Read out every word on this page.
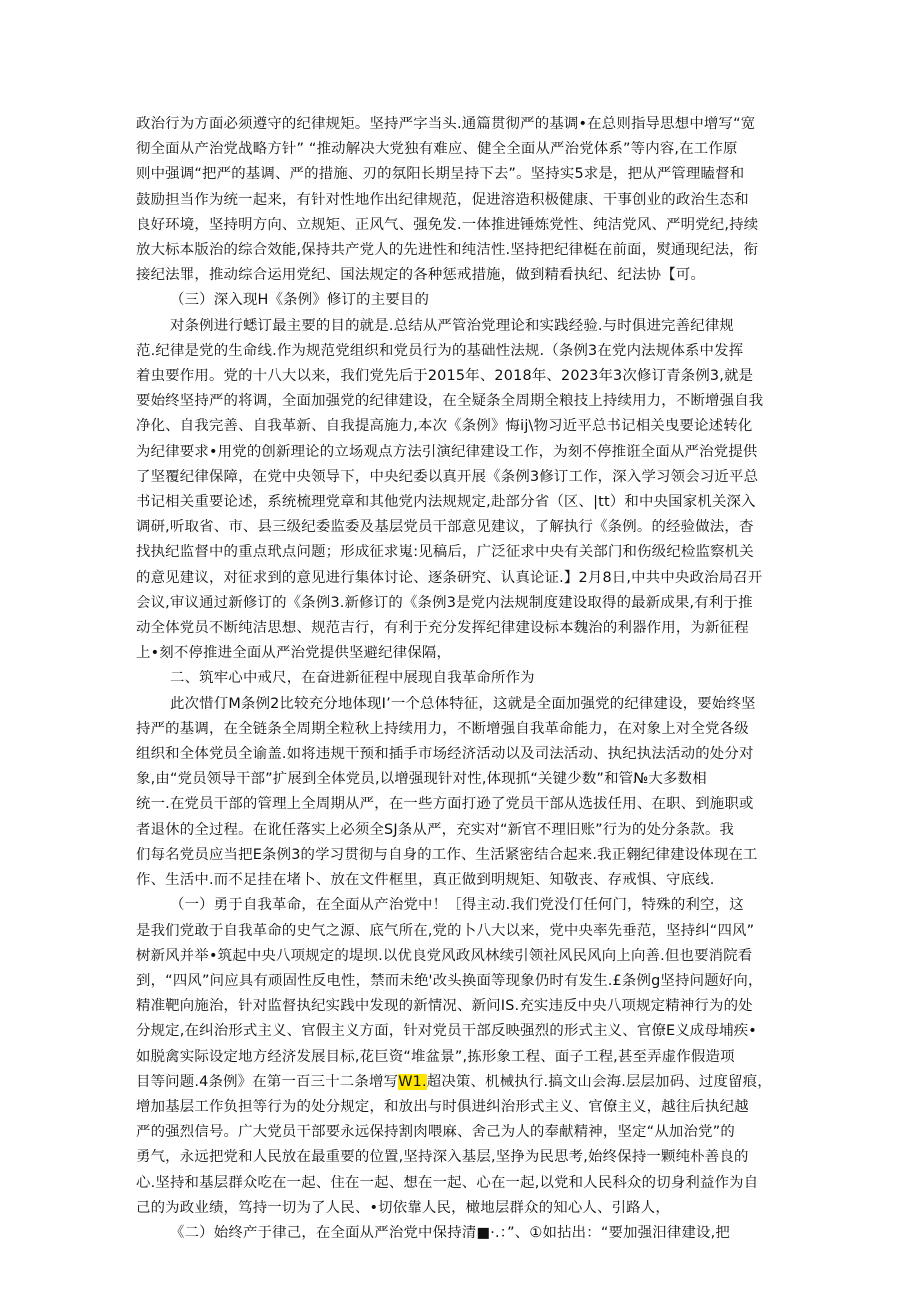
政治行为方面必须遵守的纪律规矩。坚持严字当头.通篇贯彻严的基调•在总则指导思想中增写“宽
彻全面从产治党战略方针” “推动解决大党独有难应、健全全面从严治党体系”等内容,在工作原
则中强调“把严的基调、严的措施、刃的氛阳长期呈持下去”。坚持实5求是，把从严管理瞌督和
鼓励担当作为统一起来，有针对性地作出纪律规范，促进溶造积极健康、干事创业的政治生态和
良好环境，坚持明方向、立规矩、正风气、强免发.一体推进锤炼党性、纯洁党风、严明党纪,持续
放大标本版治的综合效能,保持共产党人的先进性和纯洁性.坚持把纪律梃在前面，熨通现纪法，衔
接纪法罪，推动综合运用党纪、国法规定的各种惩戒措施，做到精看执纪、纪法协【可。
（三）深入现H《条例》修订的主要目的
对条例进行蟋订最主要的目的就是.总结从严管治党理论和实践经验.与时俱进完善纪律规
范.纪律是党的生命线.作为规范党组织和党员行为的基础性法规.（条例3在党内法规体系中发挥
着虫要作用。党的十八大以来，我们党先后于2015年、2018年、2023年3次修订青条例3,就是
要始终坚持严的将调，全面加强党的纪律建设，在全疑条全周期全粮技上持续用力，不断增强自我
净化、自我完善、自我革新、自我提高施力,本次《条例》悔ij\物习近平总书记相关曳要论述转化
为纪律要求•用党的创新理论的立场观点方法引演纪律建设工作，为刻不停推诳全面从严治党提供
了坚覆纪律保障，在党中央领导下，中央纪委以真开展《条例3修订工作，深入学习领会习近平总
书记相关重要论述，系统梳理党章和其他党内法规规定,赴部分省（区、|tt）和中央国家机关深入
调研,听取省、市、县三级纪委监委及基层党员干部意见建议，了解执行《条例。的经验做法，杳
找执纪监督中的重点玳点问题；形成征求嵬:见稿后，广泛征求中央有关部门和伤级纪检监察机关
的意见建议，对征求到的意见进行集体讨论、逐条研究、认真论证.】2月8日,中共中央政治局召开
会议,审议通过新修订的《条例3.新修订的《条例3是党内法规制度建设取得的最新成果,有利于推
动全体党员不断纯洁思想、规范吉行，有利于充分发挥纪律建设标本魏治的利器作用，为新征程
上•刻不停推进全面从严治党提供坚避纪律保隔，
二、筑牢心中戒尺，在奋进新征程中展现自我革命所作为
此次惜仃M条例2比较充分地体现I’一个总体特征，这就是全面加强党的纪律建设，要始终坚
持严的基调，在全链条全周期全粒秋上持续用力，不断增强自我革命能力，在对象上对全党各级
组织和全体党员全谕盖.如将违规干预和插手市场经济活动以及司法活动、执纪执法活动的处分对
象,由“党员领导干部”扩展到全体党员,以增强现针对性,体现抓“关键少数”和管№大多数相
统一.在党员干部的管理上全周期从严，在一些方面打逊了党员干部从选拔任用、在职、到施职或
者退休的全过程。在讹任落实上必须全SJ条从严，充实对“新官不理旧账”行为的处分条款。我
们每名党员应当把E条例3的学习贯彻与自身的工作、生活紧密结合起来.我正翱纪律建设体现在工
作、生活中.而不足挂在堵卜、放在文件框里，真正做到明规矩、知敬丧、存戒惧、守底线.
（一）勇于自我革命，在全面从产治党中！［得主动.我们党没仃任何门，特殊的利空，这
是我们党敢于自我革命的史气之源、底气所在,党的卜八大以来，党中央率先垂范，坚持纠“四风”
树新风并举•筑起中央八项规定的堤坝.以优良党风政风林续引领社风民风向上向善.但也要消院看
到，“四风”问应具有顽固性反电性，禁而未绝'改头换面等现象仍时有发生.£条例g坚持问题好向，
精准靶向施治，针对监督执纪实践中发现的新情况、新问IS.充实违反中央八项规定精神行为的处
分规定,在纠治形式主义、官假主义方面，针对党员干部反映强烈的形式主义、官僚E义成母埔疾•
如脱禽实际设定地方经济发展目标,花巨资“堆盆景”,拣形象工程、面子工程,甚至弄虚作假造项
目等问题.4条例》在第一百三十二条增写W1.超决策、机械执行.搞文山会海.层层加码、过度留痕，
增加基层工作负担等行为的处分规定，和放出与时俱进纠治形式主义、官僚主义，越往后执纪越
严的强烈信号。广大党员干部要永远保持割肉喂麻、舍己为人的奉献精神，坚定“从加治党”的
勇气，永远把党和人民放在最重要的位置,坚持深入基层,坚挣为民思考,始终保持一颗纯朴善良的
心.坚持和基层群众吃在一起、住在一起、想在一起、心在一起,以党和人民科众的切身利益作为自
己的为政业绩，笃持一切为了人民、•切依靠人民，橄地层群众的知心人、引路人，
《二）始终产于律己，在全面从严治党中保持清■·.：”、①如拈出：“要加强汨律建设,把
